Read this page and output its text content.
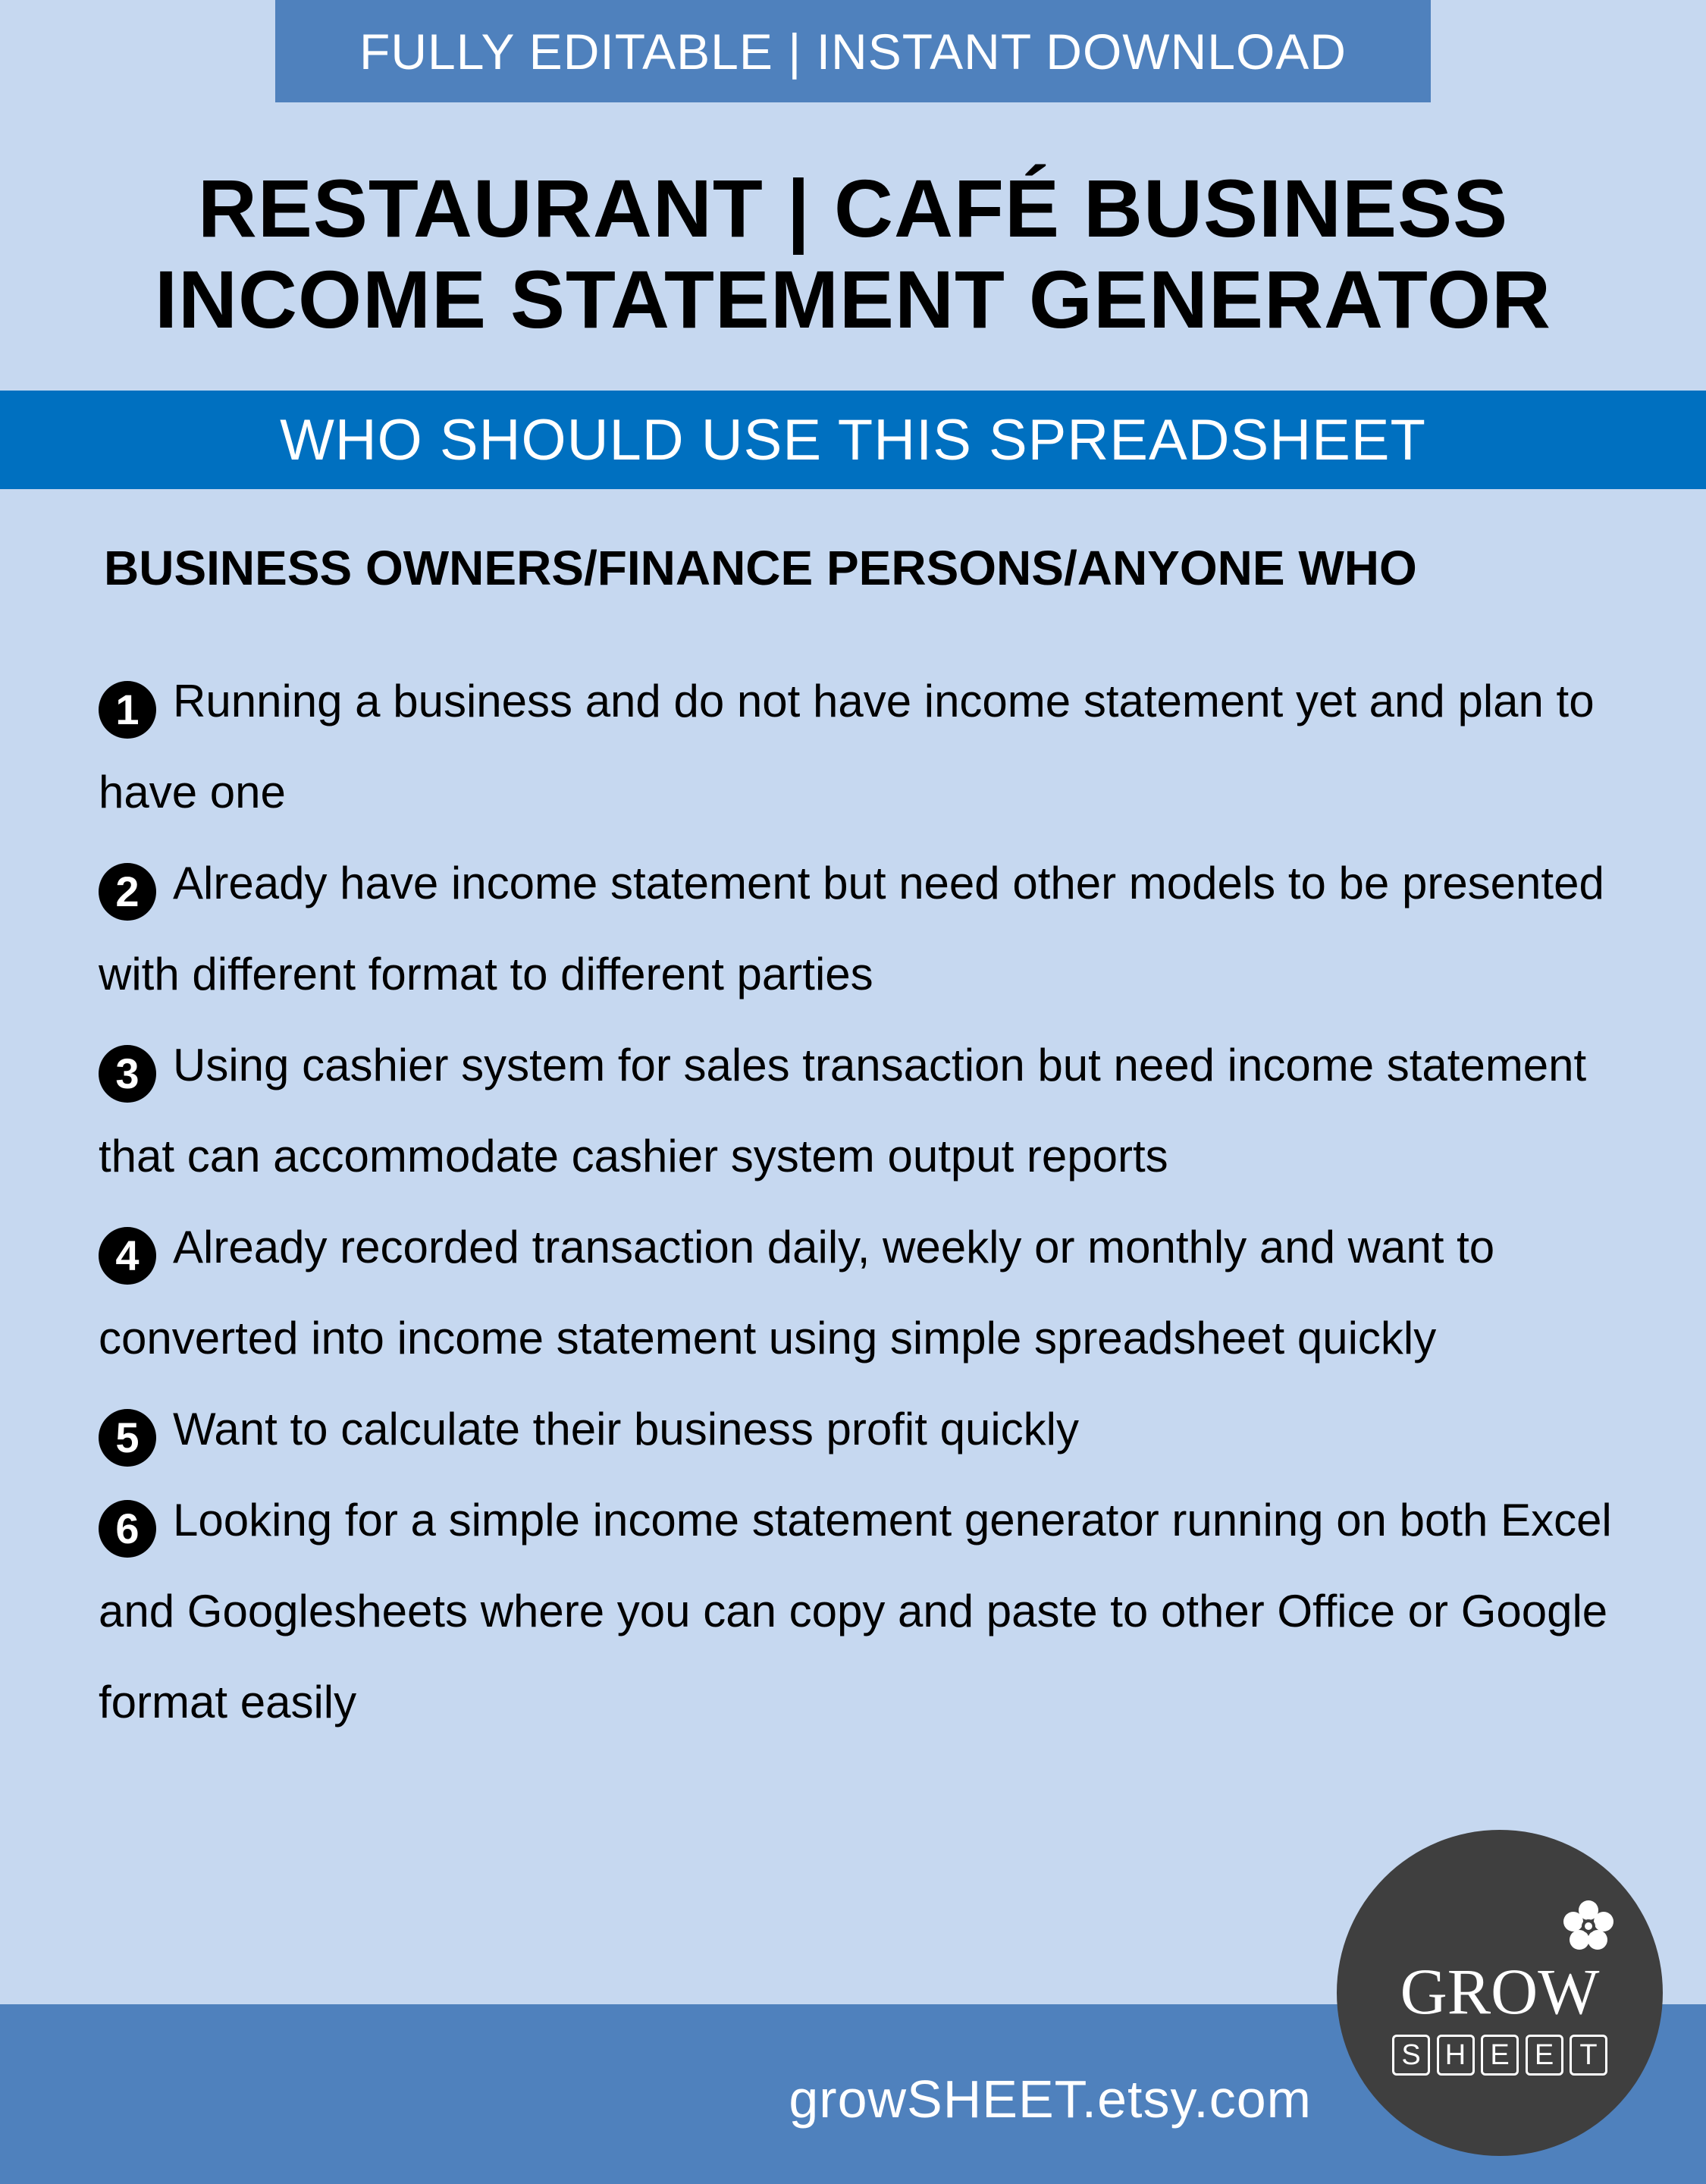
FULLY EDITABLE | INSTANT DOWNLOAD
RESTAURANT | CAFÉ BUSINESS
INCOME STATEMENT GENERATOR
WHO SHOULD USE THIS SPREADSHEET
BUSINESS OWNERS/FINANCE PERSONS/ANYONE WHO
1 Running a business and do not have income statement yet and plan to have one
2 Already have income statement but need other models to be presented with different format to different parties
3 Using cashier system for sales transaction but need income statement that can accommodate cashier system output reports
4 Already recorded transaction daily, weekly or monthly and want to converted into income statement using simple spreadsheet quickly
5 Want to calculate their business profit quickly
6 Looking for a simple income statement generator running on both Excel and Googlesheets where you can copy and paste to other Office or Google format easily
growSHEET.etsy.com
GROW
S H E E T
